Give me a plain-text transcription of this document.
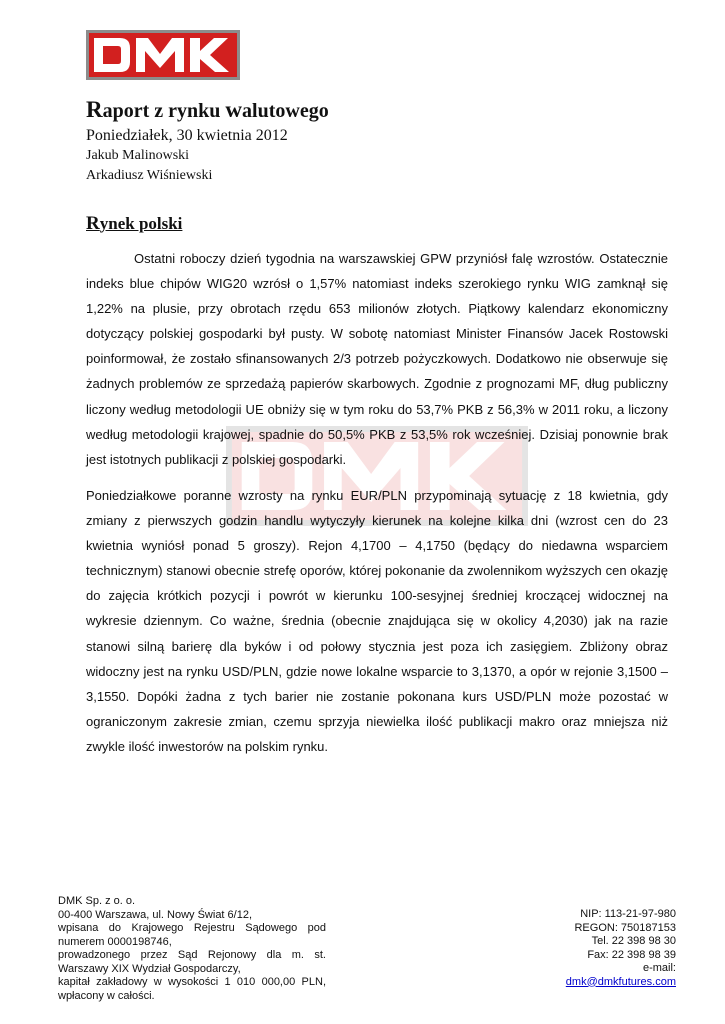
Raport z rynku walutowego

Poniedziałek, 30 kwietnia 2012

Jakub Malinowski

Arkadiusz Wiśniewski

Rynek polski

Ostatni roboczy dzień tygodnia na warszawskiej GPW przyniósł falę wzrostów. Ostatecznie indeks blue chipów WIG20 wzrósł o 1,57% natomiast indeks szerokiego rynku WIG zamknął się 1,22% na plusie, przy obrotach rzędu 653 milionów złotych. Piątkowy kalendarz ekonomiczny dotyczący polskiej gospodarki był pusty. W sobotę natomiast Minister Finansów Jacek Rostowski poinformował, że zostało sfinansowanych 2/3 potrzeb pożyczkowych. Dodatkowo nie obserwuje się żadnych problemów ze sprzedażą papierów skarbowych. Zgodnie z prognozami MF, dług publiczny liczony według metodologii UE obniży się w tym roku do 53,7% PKB z 56,3% w 2011 roku, a liczony według metodologii krajowej, spadnie do 50,5% PKB z 53,5% rok wcześniej. Dzisiaj ponownie brak jest istotnych publikacji z polskiej gospodarki.

Poniedziałkowe poranne wzrosty na rynku EUR/PLN przypominają sytuację z 18 kwietnia, gdy zmiany z pierwszych godzin handlu wytyczyły kierunek na kolejne kilka dni (wzrost cen do 23 kwietnia wyniósł ponad 5 groszy). Rejon 4,1700 – 4,1750 (będący do niedawna wsparciem technicznym) stanowi obecnie strefę oporów, której pokonanie da zwolennikom wyższych cen okazję do zajęcia krótkich pozycji i powrót w kierunku 100-sesyjnej średniej kroczącej widocznej na wykresie dziennym. Co ważne, średnia (obecnie znajdująca się w okolicy 4,2030) jak na razie stanowi silną barierę dla byków i od połowy stycznia jest poza ich zasięgiem. Zbliżony obraz widoczny jest na rynku USD/PLN, gdzie nowe lokalne wsparcie to 3,1370, a opór w rejonie 3,1500 – 3,1550. Dopóki żadna z tych barier nie zostanie pokonana kurs USD/PLN może pozostać w ograniczonym zakresie zmian, czemu sprzyja niewielka ilość publikacji makro oraz mniejsza niż zwykle ilość inwestorów na polskim rynku.

DMK Sp. z o. o.
00-400 Warszawa, ul. Nowy Świat 6/12,
wpisana do Krajowego Rejestru Sądowego pod
numerem 0000198746,
prowadzonego przez Sąd Rejonowy dla m. st.
Warszawy XIX Wydział Gospodarczy,
kapitał zakładowy w wysokości 1 010 000,00 PLN,
wpłacony w całości.
NIP: 113-21-97-980
REGON: 750187153
Tel. 22 398 98 30
Fax: 22 398 98 39
e-mail:
dmk@dmkfutures.com
